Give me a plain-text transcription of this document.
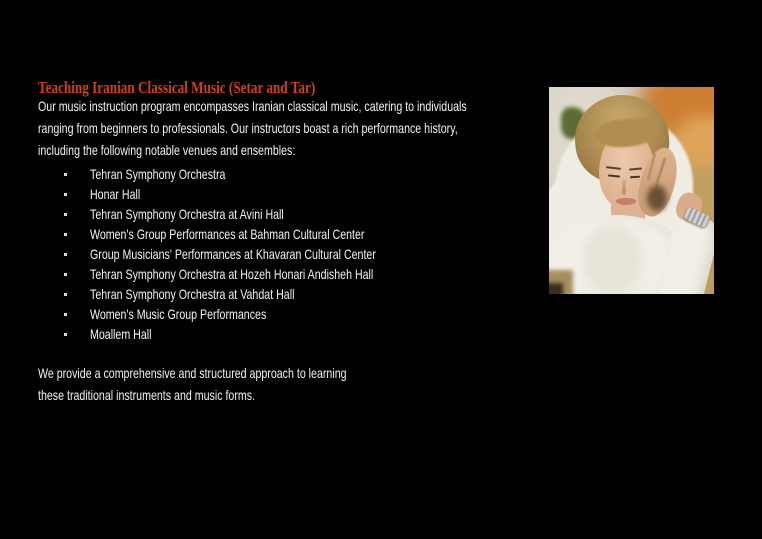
Teaching Iranian Classical Music (Setar and Tar)
Our music instruction program encompasses Iranian classical music, catering to individuals
ranging from beginners to professionals. Our instructors boast a rich performance history,
including the following notable venues and ensembles:
Tehran Symphony Orchestra
Honar Hall
Tehran Symphony Orchestra at Avini Hall
Women's Group Performances at Bahman Cultural Center
Group Musicians' Performances at Khavaran Cultural Center
Tehran Symphony Orchestra at Hozeh Honari Andisheh Hall
Tehran Symphony Orchestra at Vahdat Hall
Women's Music Group Performances
Moallem Hall
We provide a comprehensive and structured approach to learning
these traditional instruments and music forms.
